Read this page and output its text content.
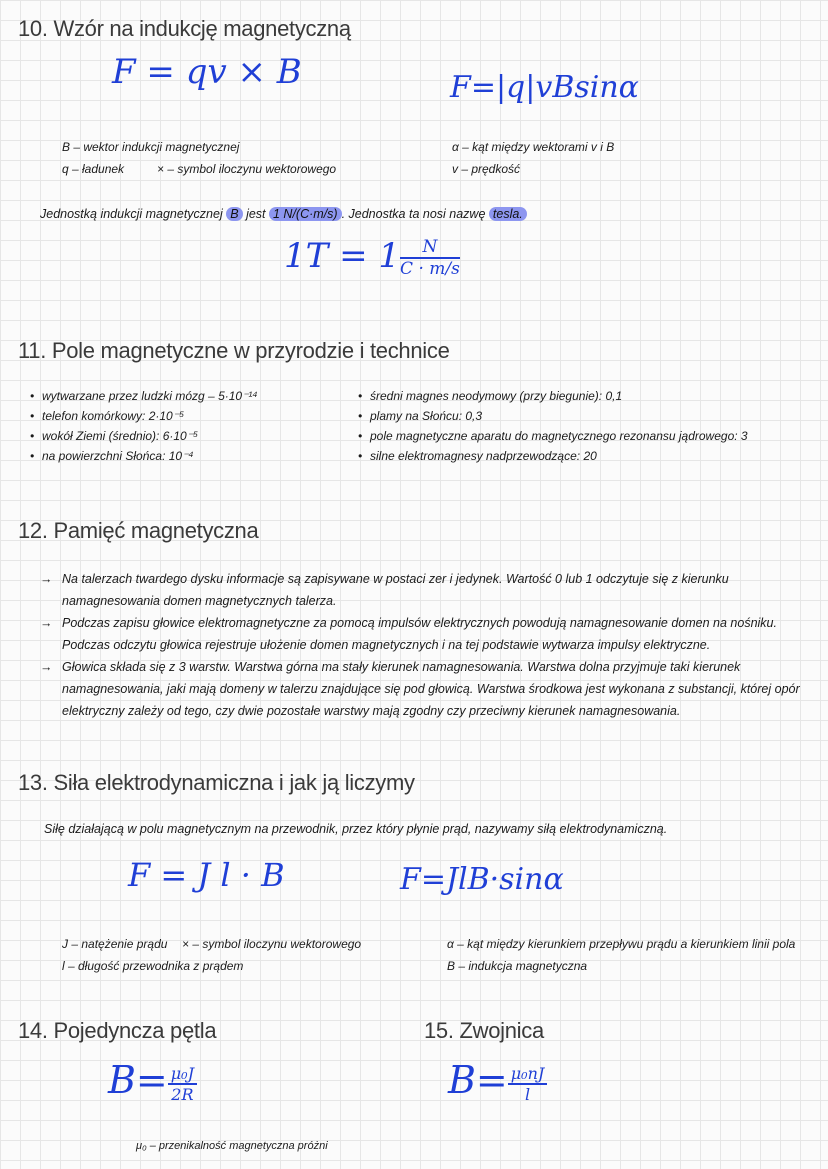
10. Wzór na indukcję magnetyczną
F = qv × B	F=|q|vBsinα
B – wektor indukcji magnetycznej
q – ładunek	× – symbol iloczynu wektorowego
α – kąt między wektorami v i B
v – prędkość
Jednostką indukcji magnetycznej B jest 1 N/(C·m/s) . Jednostka ta nosi nazwę tesla.
$1T = 1 \frac{N}{C \cdot m/s}$
11. Pole magnetyczne w przyrodzie i technice
• wytwarzane przez ludzki mózg – 5·10⁻¹⁴
• telefon komórkowy: 2·10⁻⁵
• wokół Ziemi (średnio): 6·10⁻⁵
• na powierzchni Słońca: 10⁻⁴
• średni magnes neodymowy (przy biegunie): 0,1
• plamy na Słońcu: 0,3
• pole magnetyczne aparatu do magnetycznego rezonansu jądrowego: 3
• silne elektromagnesy nadprzewodzące: 20
12. Pamięć magnetyczna
→ Na talerzach twardego dysku informacje są zapisywane w postaci zer i jedynek. Wartość 0 lub 1 odczytuje się z kierunku namagnesowania domen magnetycznych talerza.
→ Podczas zapisu głowice elektromagnetyczne za pomocą impulsów elektrycznych powodują namagnesowanie domen na nośniku. Podczas odczytu głowica rejestruje ułożenie domen magnetycznych i na tej podstawie wytwarza impulsy elektryczne.
→ Głowica składa się z 3 warstw. Warstwa górna ma stały kierunek namagnesowania. Warstwa dolna przyjmuje taki kierunek namagnesowania, jaki mają domeny w talerzu znajdujące się pod głowicą. Warstwa środkowa jest wykonana z substancji, której opór elektryczny zależy od tego, czy dwie pozostałe warstwy mają zgodny czy przeciwny kierunek namagnesowania.
13. Siła elektrodynamiczna i jak ją liczymy
Siłę działającą w polu magnetycznym na przewodnik, przez który płynie prąd, nazywamy siłą elektrodynamiczną.
F = J l · B	F=JlB·sinα
J – natężenie prądu × – symbol iloczynu wektorowego
l – długość przewodnika z prądem
α – kąt między kierunkiem przepływu prądu a kierunkiem linii pola
B – indukcja magnetyczna
14. Pojedyncza pętla
$B= \frac{\text{μ₀J}}{2R}$
μ₀ – przenikalność magnetyczna próżni
15. Zwojnica
$B= \frac{\text{μ₀nJ}}{l}$
